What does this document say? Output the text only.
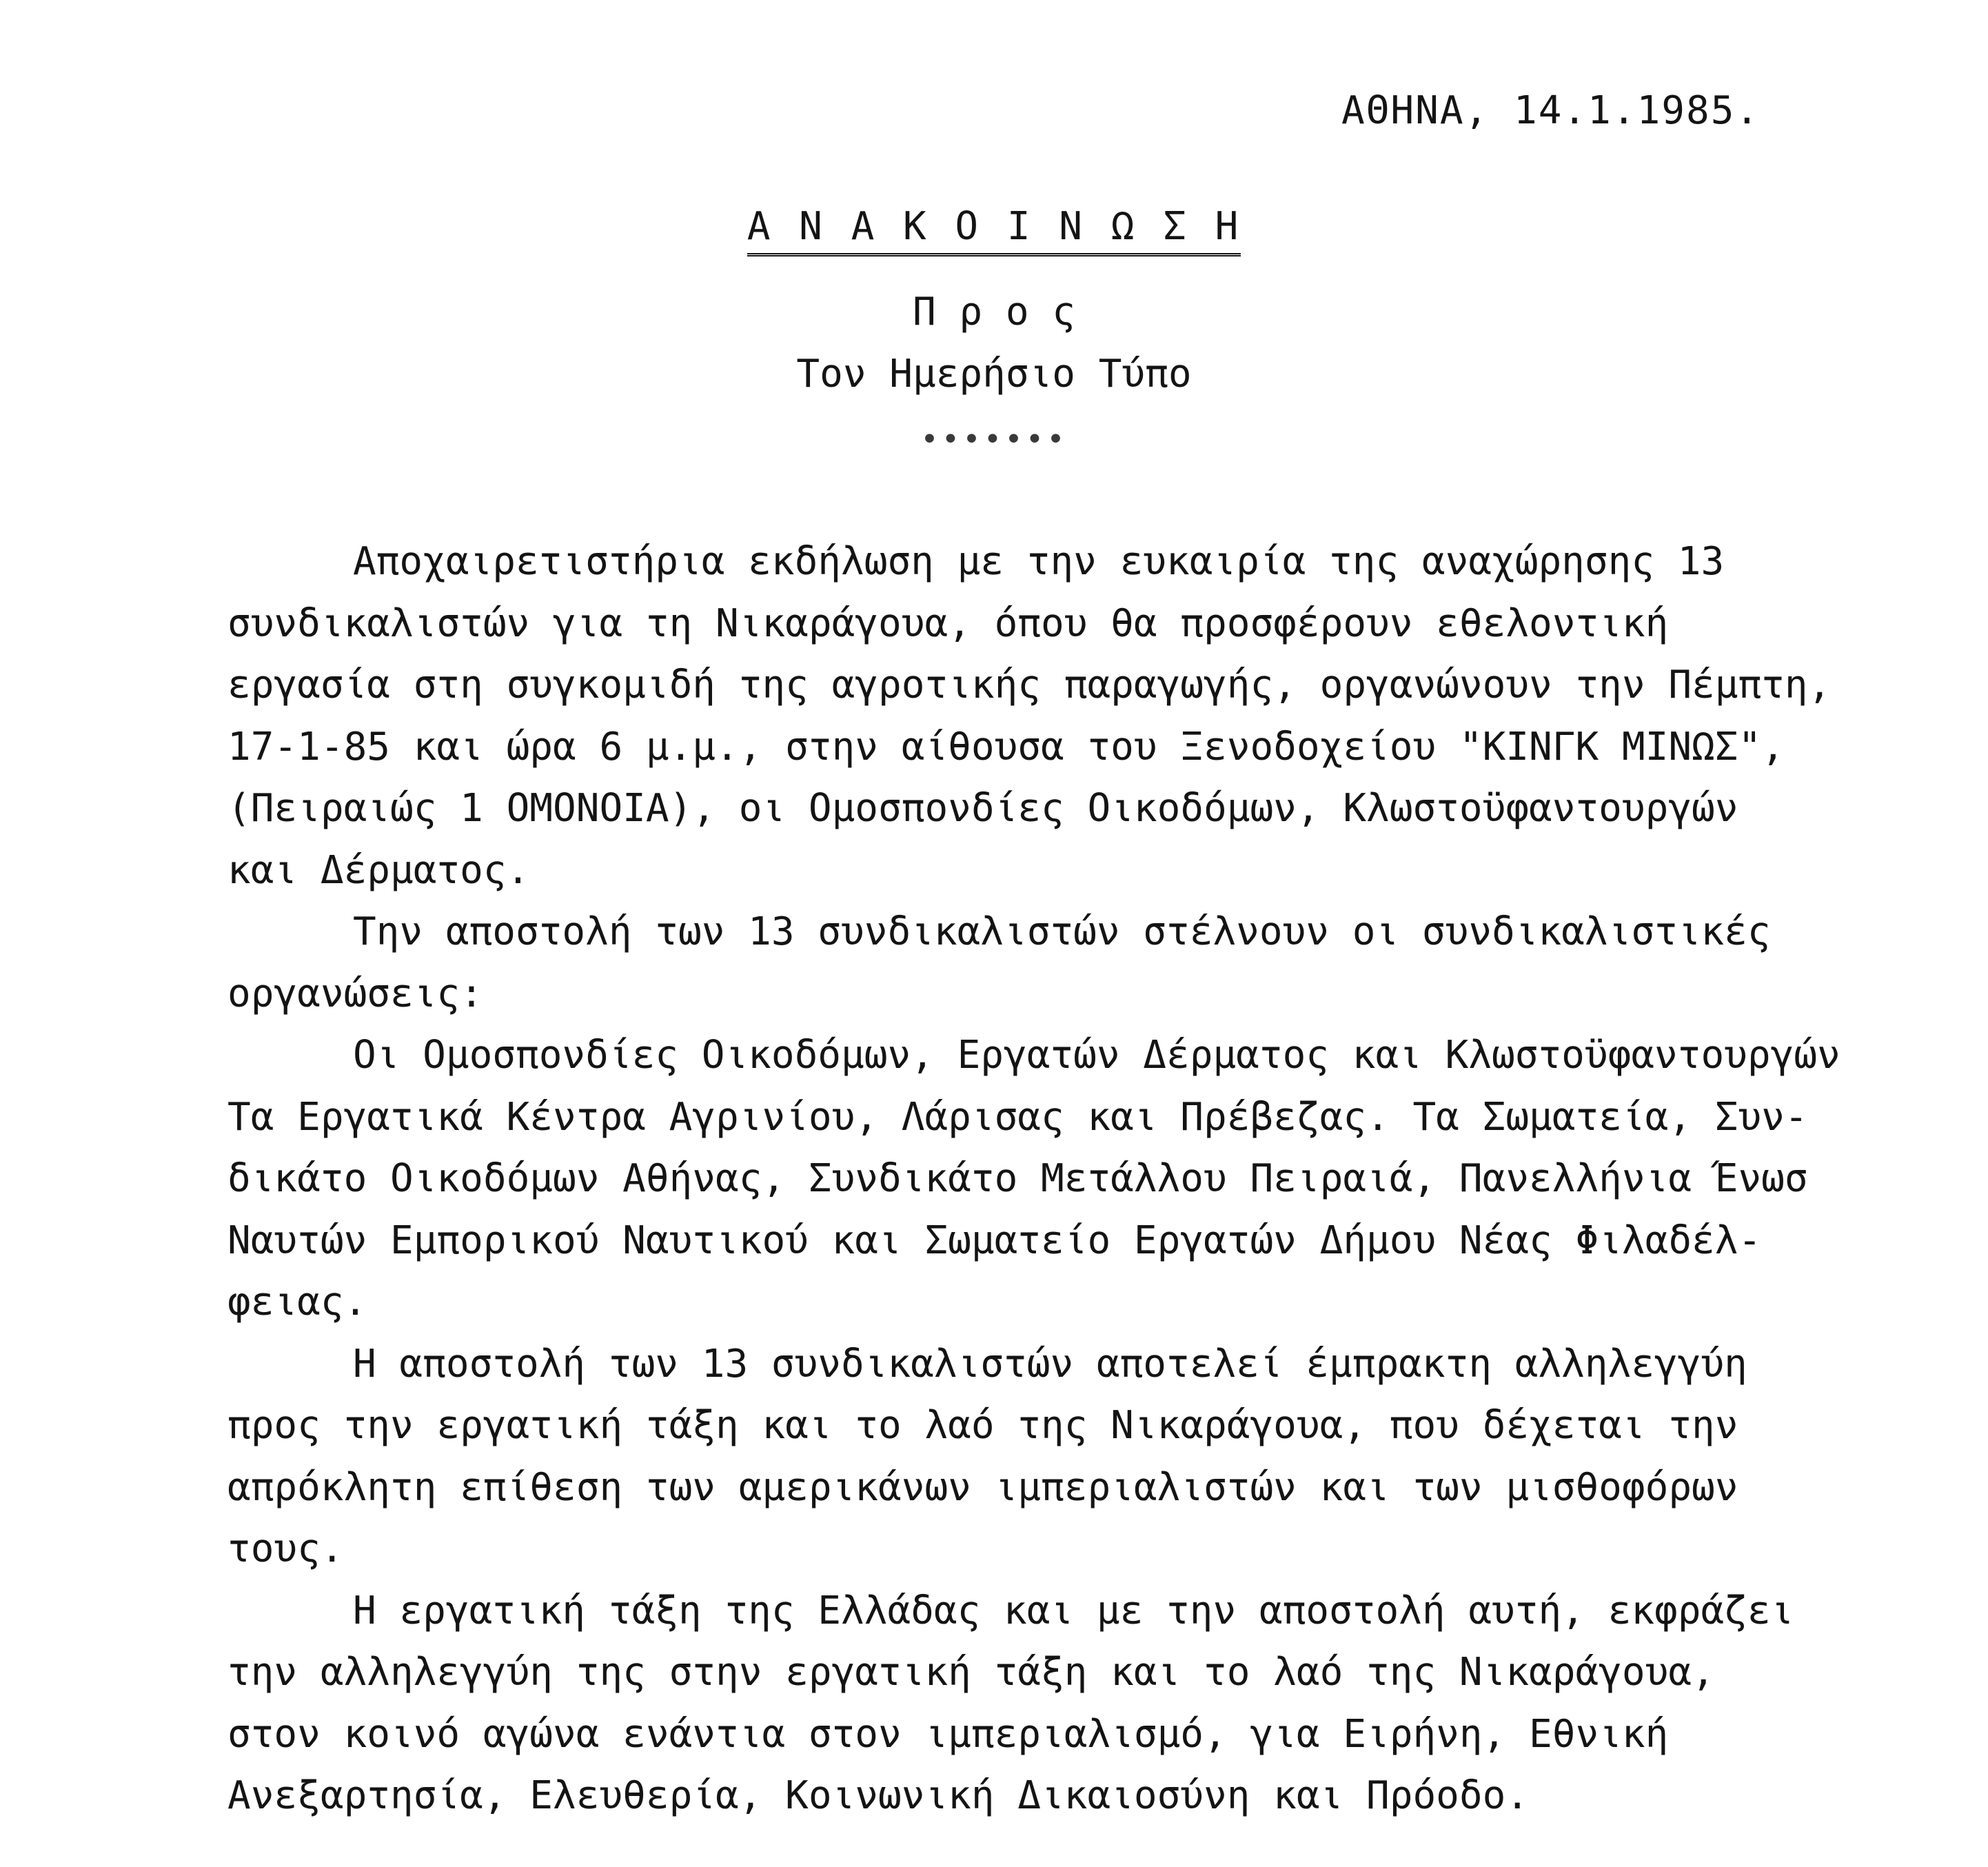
ΑΘΗΝΑ, 14.1.1985.
Α Ν Α Κ Ο Ι Ν Ω Σ Η
Π ρ ο ς
Τον Ημερήσιο Τύπο
•••••••
Αποχαιρετιστήρια εκδήλωση με την ευκαιρία της αναχώρησης 13
συνδικαλιστών για τη Νικαράγουα, όπου θα προσφέρουν εθελοντική
εργασία στη συγκομιδή της αγροτικής παραγωγής, οργανώνουν την Πέμπτη,
17-1-85 και ώρα 6 μ.μ., στην αίθουσα του Ξενοδοχείου "ΚΙΝΓΚ ΜΙΝΩΣ",
(Πειραιώς 1 ΟΜΟΝΟΙΑ), οι Ομοσπονδίες Οικοδόμων, Κλωστοϋφαντουργών
και Δέρματος.
Την αποστολή των 13 συνδικαλιστών στέλνουν οι συνδικαλιστικές
οργανώσεις:
Οι Ομοσπονδίες Οικοδόμων, Εργατών Δέρματος και Κλωστοϋφαντουργών
Τα Εργατικά Κέντρα Αγρινίου, Λάρισας και Πρέβεζας. Τα Σωματεία, Συν-
δικάτο Οικοδόμων Αθήνας, Συνδικάτο Μετάλλου Πειραιά, Πανελλήνια Ένωσ
Ναυτών Εμπορικού Ναυτικού και Σωματείο Εργατών Δήμου Νέας Φιλαδέλ-
φειας.
Η αποστολή των 13 συνδικαλιστών αποτελεί έμπρακτη αλληλεγγύη
προς την εργατική τάξη και το λαό της Νικαράγουα, που δέχεται την
απρόκλητη επίθεση των αμερικάνων ιμπεριαλιστών και των μισθοφόρων
τους.
Η εργατική τάξη της Ελλάδας και με την αποστολή αυτή, εκφράζει
την αλληλεγγύη της στην εργατική τάξη και το λαό της Νικαράγουα,
στον κοινό αγώνα ενάντια στον ιμπεριαλισμό, για Ειρήνη, Εθνική
Ανεξαρτησία, Ελευθερία, Κοινωνική Δικαιοσύνη και Πρόοδο.
